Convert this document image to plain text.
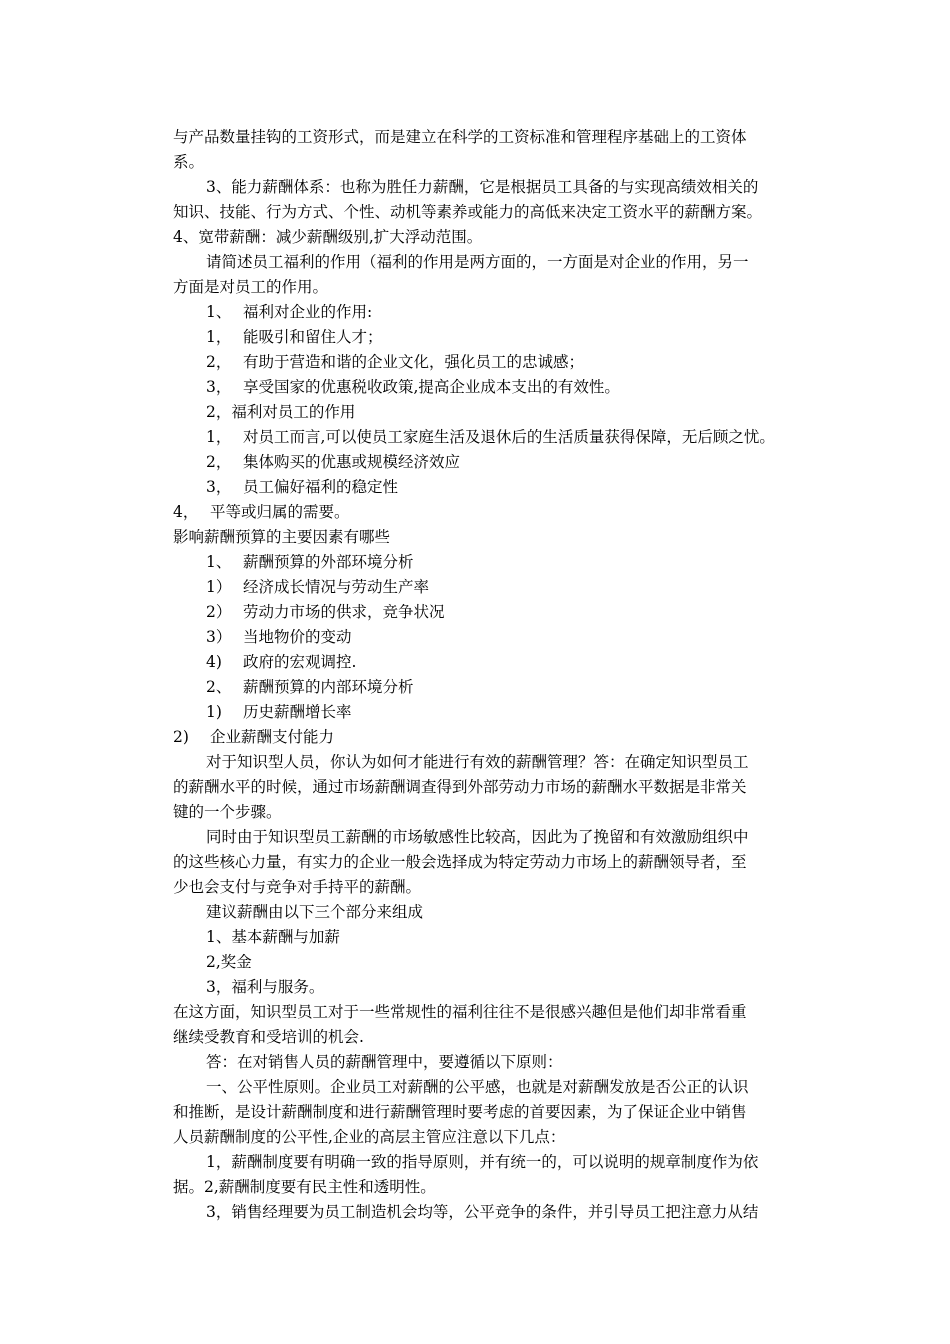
与产品数量挂钩的工资形式，而是建立在科学的工资标准和管理程序基础上的工资体
系。
3、能力薪酬体系：也称为胜任力薪酬，它是根据员工具备的与实现高绩效相关的
知识、技能、行为方式、个性、动机等素养或能力的高低来决定工资水平的薪酬方案。
4、宽带薪酬：减少薪酬级别,扩大浮动范围。
请简述员工福利的作用（福利的作用是两方面的，一方面是对企业的作用，另一
方面是对员工的作用。
1、 福利对企业的作用:
1， 能吸引和留住人才；
2， 有助于营造和谐的企业文化，强化员工的忠诚感；
3， 享受国家的优惠税收政策,提高企业成本支出的有效性。
2，福利对员工的作用
1， 对员工而言,可以使员工家庭生活及退休后的生活质量获得保障，无后顾之忧。
2， 集体购买的优惠或规模经济效应
3， 员工偏好福利的稳定性
4， 平等或归属的需要。
影响薪酬预算的主要因素有哪些
1、 薪酬预算的外部环境分析
1） 经济成长情况与劳动生产率
2） 劳动力市场的供求，竞争状况
3） 当地物价的变动
4) 政府的宏观调控.
2、 薪酬预算的内部环境分析
1) 历史薪酬增长率
2) 企业薪酬支付能力
对于知识型人员，你认为如何才能进行有效的薪酬管理？答：在确定知识型员工
的薪酬水平的时候，通过市场薪酬调查得到外部劳动力市场的薪酬水平数据是非常关
键的一个步骤。
同时由于知识型员工薪酬的市场敏感性比较高，因此为了挽留和有效激励组织中
的这些核心力量，有实力的企业一般会选择成为特定劳动力市场上的薪酬领导者，至
少也会支付与竞争对手持平的薪酬。
建议薪酬由以下三个部分来组成
1、基本薪酬与加薪
2,奖金
3，福利与服务。
在这方面，知识型员工对于一些常规性的福利往往不是很感兴趣但是他们却非常看重
继续受教育和受培训的机会.
答：在对销售人员的薪酬管理中，要遵循以下原则：
一、公平性原则。企业员工对薪酬的公平感，也就是对薪酬发放是否公正的认识
和推断，是设计薪酬制度和进行薪酬管理时要考虑的首要因素，为了保证企业中销售
人员薪酬制度的公平性,企业的高层主管应注意以下几点：
1，薪酬制度要有明确一致的指导原则，并有统一的，可以说明的规章制度作为依
据。2,薪酬制度要有民主性和透明性。
3，销售经理要为员工制造机会均等，公平竞争的条件，并引导员工把注意力从结
